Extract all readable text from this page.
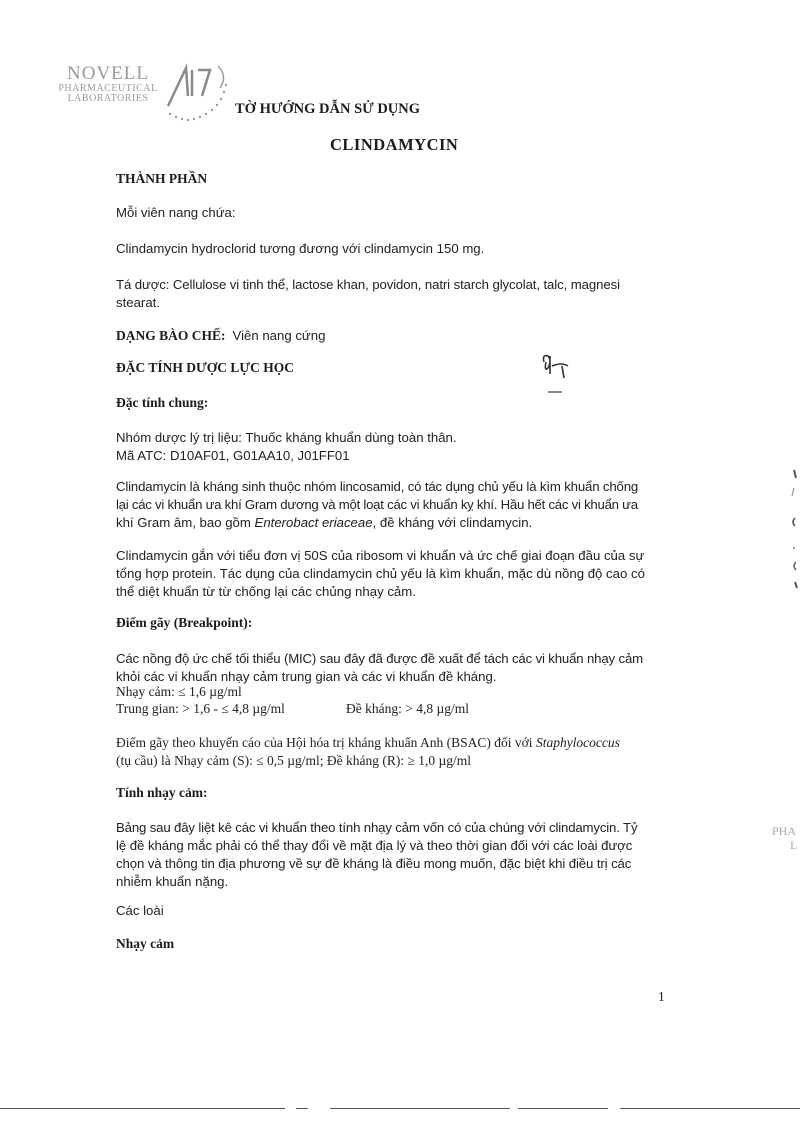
NOVELL
PHARMACEUTICAL
LABORATORIES
TỜ HƯỚNG DẪN SỬ DỤNG
CLINDAMYCIN
THÀNH PHẦN
Mỗi viên nang chứa:
Clindamycin hydroclorid tương đương với clindamycin 150 mg.
Tá dược: Cellulose vi tinh thể, lactose khan, povidon, natri starch glycolat, talc, magnesi
stearat.
DẠNG BÀO CHẾ: Viên nang cứng
ĐẶC TÍNH DƯỢC LỰC HỌC
Đặc tính chung:
Nhóm dược lý trị liệu: Thuốc kháng khuẩn dùng toàn thân.
Mã ATC: D10AF01, G01AA10, J01FF01
Clindamycin là kháng sinh thuộc nhóm lincosamid, có tác dụng chủ yếu là kìm khuẩn chống
lại các vi khuẩn ưa khí Gram dương và một loạt các vi khuẩn kỵ khí. Hầu hết các vi khuẩn ưa
khí Gram âm, bao gồm Enterobact eriaceae, đề kháng với clindamycin.
Clindamycin gắn với tiểu đơn vị 50S của ribosom vi khuẩn và ức chế giai đoạn đầu của sự
tổng hợp protein. Tác dụng của clindamycin chủ yếu là kìm khuẩn, mặc dù nồng độ cao có
thể diệt khuẩn từ từ chống lại các chủng nhạy cảm.
Điểm gãy (Breakpoint):
Các nồng độ ức chế tối thiểu (MIC) sau đây đã được đề xuất để tách các vi khuẩn nhạy cảm
khỏi các vi khuẩn nhạy cảm trung gian và các vi khuẩn đề kháng.
Nhạy cảm: ≤ 1,6 µg/ml
Trung gian: > 1,6 - ≤ 4,8 µg/ml	Đề kháng: > 4,8 µg/ml
Điểm gãy theo khuyến cáo của Hội hóa trị kháng khuẩn Anh (BSAC) đối với Staphylococcus
(tụ cầu) là Nhạy cảm (S): ≤ 0,5 µg/ml; Đề kháng (R): ≥ 1,0 µg/ml
Tính nhạy cảm:
Bảng sau đây liệt kê các vi khuẩn theo tính nhạy cảm vốn có của chúng với clindamycin. Tỷ
lệ đề kháng mắc phải có thể thay đổi về mặt địa lý và theo thời gian đối với các loài được
chọn và thông tin địa phương về sự đề kháng là điều mong muốn, đặc biệt khi điều trị các
nhiễm khuẩn nặng.
Các loài
Nhạy cảm
1
PHA
L
